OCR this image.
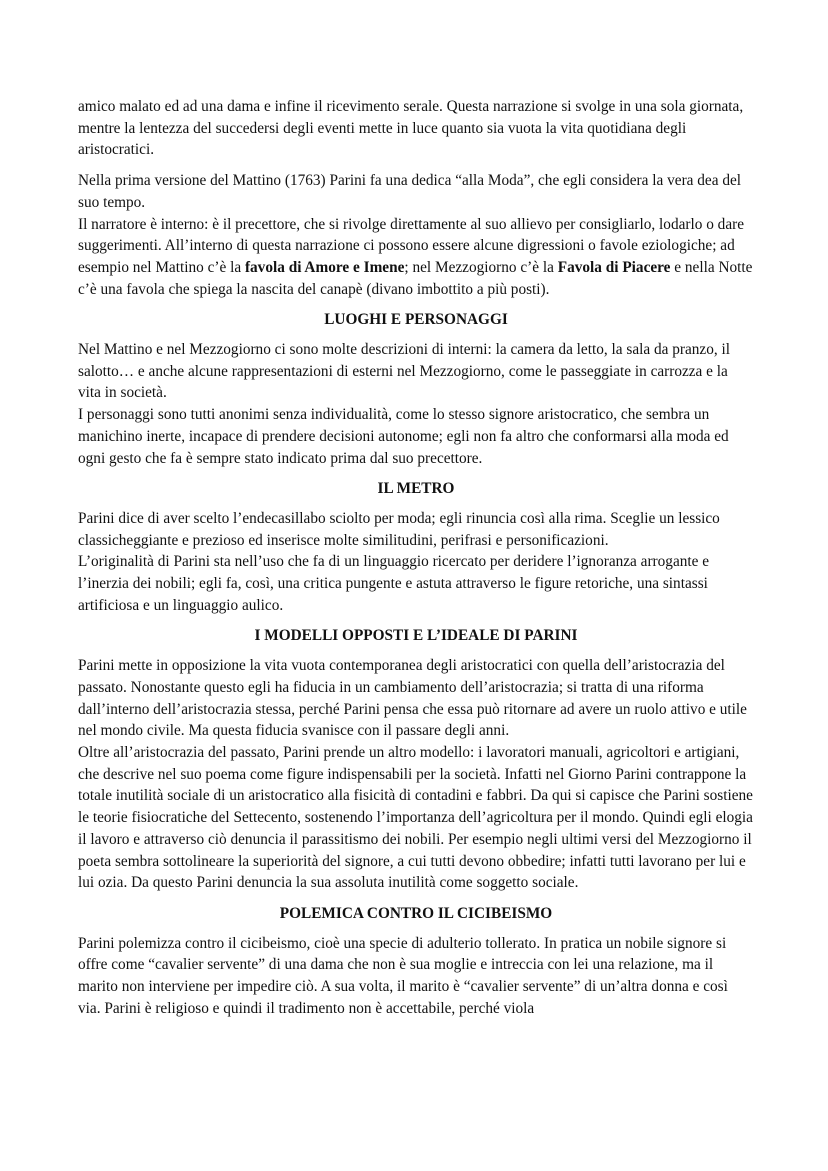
amico malato ed ad una dama e infine il ricevimento serale. Questa narrazione si svolge in una sola giornata, mentre la lentezza del succedersi degli eventi mette in luce quanto sia vuota la vita quotidiana degli aristocratici.

Nella prima versione del Mattino (1763) Parini fa una dedica “alla Moda”, che egli considera la vera dea del suo tempo.

Il narratore è interno: è il precettore, che si rivolge direttamente al suo allievo per consigliarlo, lodarlo o dare suggerimenti. All’interno di questa narrazione ci possono essere alcune digressioni o favole eziologiche; ad esempio nel Mattino c’è la favola di Amore e Imene; nel Mezzogiorno c’è la Favola di Piacere e nella Notte c’è una favola che spiega la nascita del canapè (divano imbottito a più posti).

LUOGHI E PERSONAGGI

Nel Mattino e nel Mezzogiorno ci sono molte descrizioni di interni: la camera da letto, la sala da pranzo, il salotto… e anche alcune rappresentazioni di esterni nel Mezzogiorno, come le passeggiate in carrozza e la vita in società.

I personaggi sono tutti anonimi senza individualità, come lo stesso signore aristocratico, che sembra un manichino inerte, incapace di prendere decisioni autonome; egli non fa altro che conformarsi alla moda ed ogni gesto che fa è sempre stato indicato prima dal suo precettore.

IL METRO

Parini dice di aver scelto l’endecasillabo sciolto per moda; egli rinuncia così alla rima. Sceglie un lessico classicheggiante e prezioso ed inserisce molte similitudini, perifrasi e personificazioni.

L’originalità di Parini sta nell’uso che fa di un linguaggio ricercato per deridere l’ignoranza arrogante e l’inerzia dei nobili; egli fa, così, una critica pungente e astuta attraverso le figure retoriche, una sintassi artificiosa e un linguaggio aulico.

I MODELLI OPPOSTI E L’IDEALE DI PARINI

Parini mette in opposizione la vita vuota contemporanea degli aristocratici con quella dell’aristocrazia del passato. Nonostante questo egli ha fiducia in un cambiamento dell’aristocrazia; si tratta di una riforma dall’interno dell’aristocrazia stessa, perché Parini pensa che essa può ritornare ad avere un ruolo attivo e utile nel mondo civile. Ma questa fiducia svanisce con il passare degli anni.

Oltre all’aristocrazia del passato, Parini prende un altro modello: i lavoratori manuali, agricoltori e artigiani, che descrive nel suo poema come figure indispensabili per la società. Infatti nel Giorno Parini contrappone la totale inutilità sociale di un aristocratico alla fisicità di contadini e fabbri. Da qui si capisce che Parini sostiene le teorie fisiocratiche del Settecento, sostenendo l’importanza dell’agricoltura per il mondo. Quindi egli elogia il lavoro e attraverso ciò denuncia il parassitismo dei nobili. Per esempio negli ultimi versi del Mezzogiorno il poeta sembra sottolineare la superiorità del signore, a cui tutti devono obbedire; infatti tutti lavorano per lui e lui ozia. Da questo Parini denuncia la sua assoluta inutilità come soggetto sociale.

POLEMICA CONTRO IL CICIBEISMO

Parini polemizza contro il cicibeismo, cioè una specie di adulterio tollerato. In pratica un nobile signore si offre come “cavalier servente” di una dama che non è sua moglie e intreccia con lei una relazione, ma il marito non interviene per impedire ciò. A sua volta, il marito è “cavalier servente” di un’altra donna e così via. Parini è religioso e quindi il tradimento non è accettabile, perché viola
